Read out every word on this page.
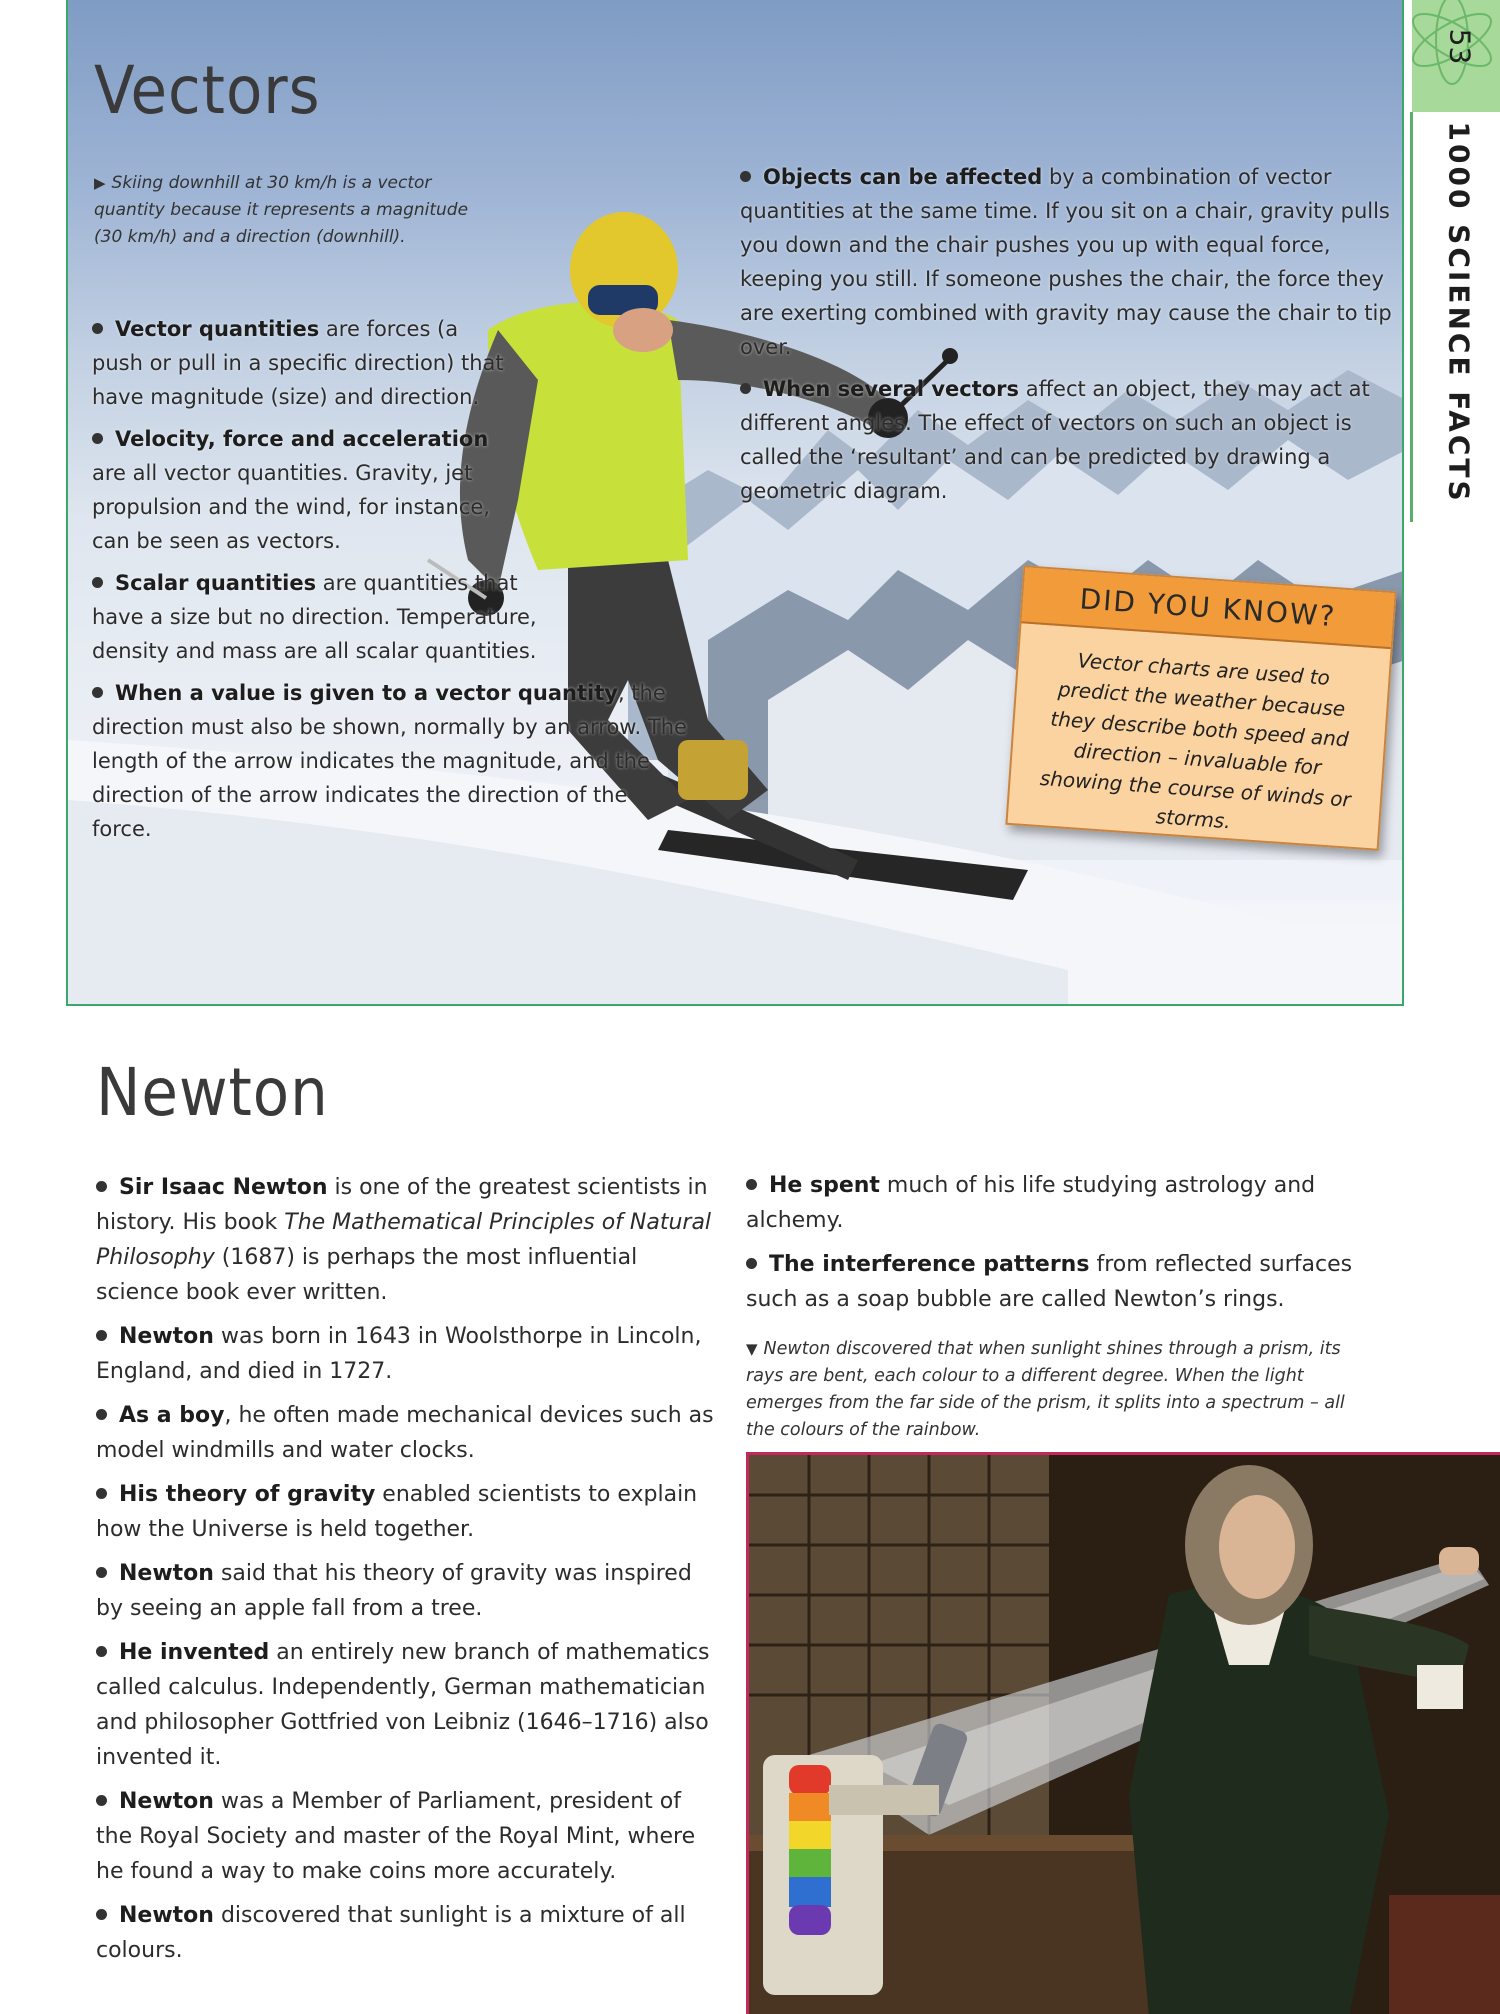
Vectors
▶ Skiing downhill at 30 km/h is a vector quantity because it represents a magnitude (30 km/h) and a direction (downhill).

Vector quantities are forces (a push or pull in a specific direction) that have magnitude (size) and direction.

Velocity, force and acceleration are all vector quantities. Gravity, jet propulsion and the wind, for instance, can be seen as vectors.

Scalar quantities are quantities that have a size but no direction. Temperature, density and mass are all scalar quantities.

When a value is given to a vector quantity, the direction must also be shown, normally by an arrow. The length of the arrow indicates the magnitude, and the direction of the arrow indicates the direction of the force.

Objects can be affected by a combination of vector quantities at the same time. If you sit on a chair, gravity pulls you down and the chair pushes you up with equal force, keeping you still. If someone pushes the chair, the force they are exerting combined with gravity may cause the chair to tip over.

When several vectors affect an object, they may act at different angles. The effect of vectors on such an object is called the ‘resultant’ and can be predicted by drawing a geometric diagram.

DID YOU KNOW?
Vector charts are used to predict the weather because they describe both speed and direction – invaluable for showing the course of winds or storms.
53
1000 SCIENCE FACTS
Newton

Sir Isaac Newton is one of the greatest scientists in history. His book The Mathematical Principles of Natural Philosophy (1687) is perhaps the most influential science book ever written.

Newton was born in 1643 in Woolsthorpe in Lincoln, England, and died in 1727.

As a boy, he often made mechanical devices such as model windmills and water clocks.

His theory of gravity enabled scientists to explain how the Universe is held together.

Newton said that his theory of gravity was inspired by seeing an apple fall from a tree.

He invented an entirely new branch of mathematics called calculus. Independently, German mathematician and philosopher Gottfried von Leibniz (1646–1716) also invented it.

Newton was a Member of Parliament, president of the Royal Society and master of the Royal Mint, where he found a way to make coins more accurately.

Newton discovered that sunlight is a mixture of all colours.

He spent much of his life studying astrology and alchemy.

The interference patterns from reflected surfaces such as a soap bubble are called Newton’s rings.

▼ Newton discovered that when sunlight shines through a prism, its rays are bent, each colour to a different degree. When the light emerges from the far side of the prism, it splits into a spectrum – all the colours of the rainbow.
